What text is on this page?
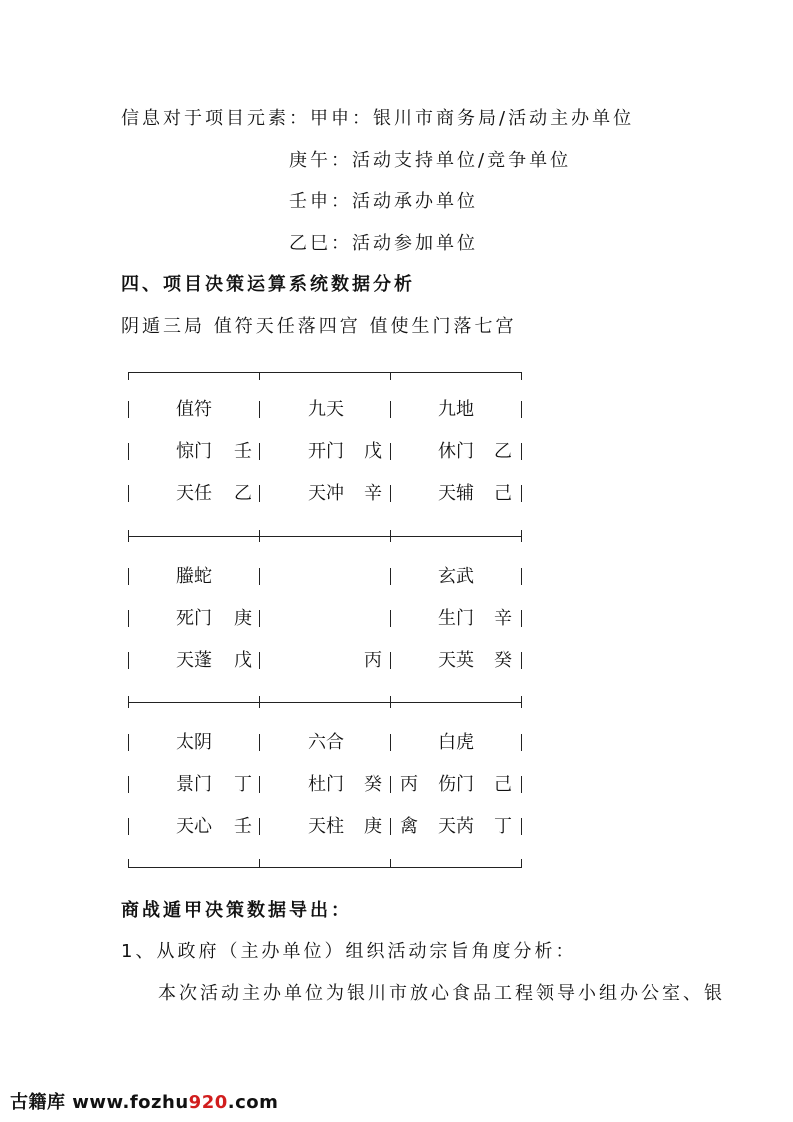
信息对于项目元素：甲申：银川市商务局/活动主办单位
庚午：活动支持单位/竞争单位
壬申：活动承办单位
乙巳：活动参加单位
四、项目决策运算系统数据分析
阴遁三局 值符天任落四宫 值使生门落七宫
值符
惊门 壬
天任 乙
九天
开门 戊
天冲 辛
九地
休门 乙
天辅 己
螣蛇
死门 庚
天蓬 戊	丙
玄武
生门 辛
天英 癸
太阴
景门 丁
天心 壬
六合
杜门 癸
天柱 庚
丙
禽
白虎
伤门 己
天芮 丁
商战遁甲决策数据导出：
1、从政府（主办单位）组织活动宗旨角度分析：
本次活动主办单位为银川市放心食品工程领导小组办公室、银
古籍库 www.fozhu920.com
